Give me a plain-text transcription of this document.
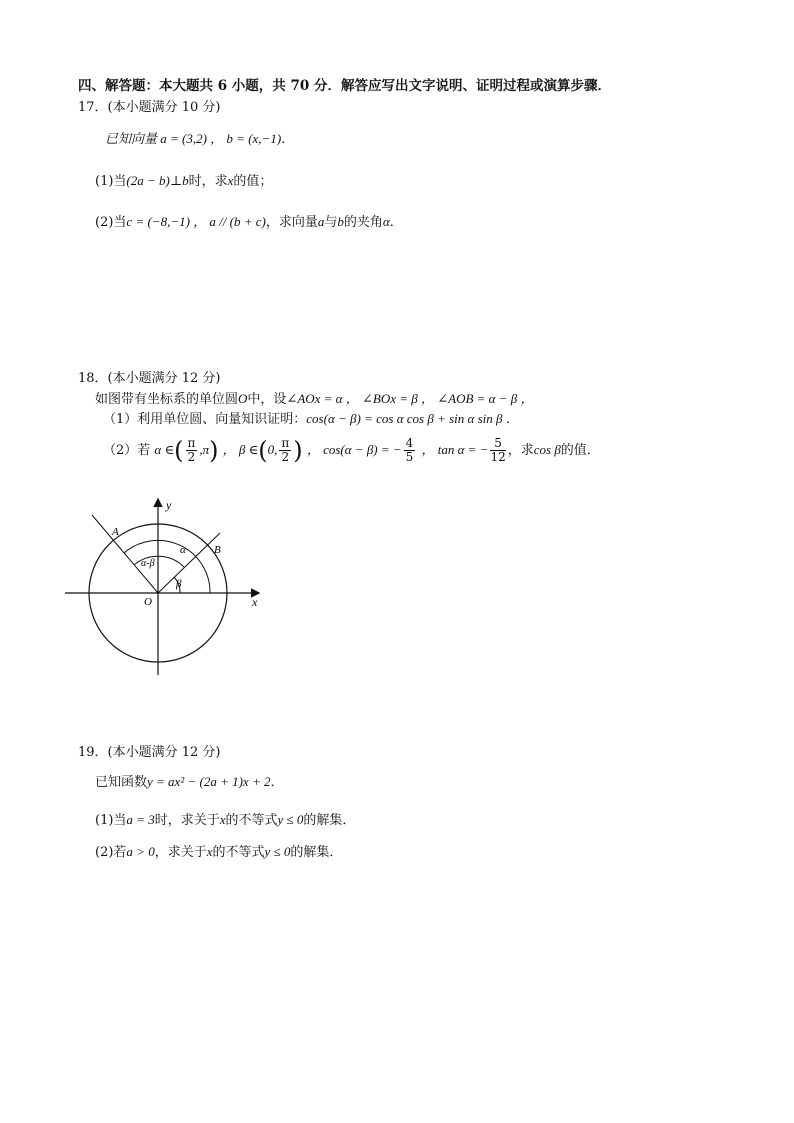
四、解答题：本大题共 6 小题，共 70 分．解答应写出文字说明、证明过程或演算步骤．
17．(本小题满分 10 分)
已知向量 a = (3,2) ， b = (x,−1)．
(1)当(2a − b)⊥b时，求x的值；
(2)当c = (−8,−1) ， a // (b + c)，求向量a与b的夹角α．
18．(本小题满分 12 分)
如图带有坐标系的单位圆O中，设∠AOx = α ， ∠BOx = β ， ∠AOB = α − β ，
（1）利用单位圆、向量知识证明：cos(α − β) = cos α cos β + sin α sin β ．
（2）若 α ∈( $\frac{\pi}{2} ,\pi$) ， β ∈(0, $\frac{\pi}{2}$ ) ， cos(α − β) = − $\frac{4}{5}$ ， tan α = − $\frac{5}{12}$ ，求cos β的值．
y
x
O
A
B
α
β
α-β
19．(本小题满分 12 分)
已知函数y = ax² − (2a + 1)x + 2．
(1)当a = 3时，求关于x的不等式y ≤ 0的解集．
(2)若a > 0，求关于x的不等式y ≤ 0的解集．
